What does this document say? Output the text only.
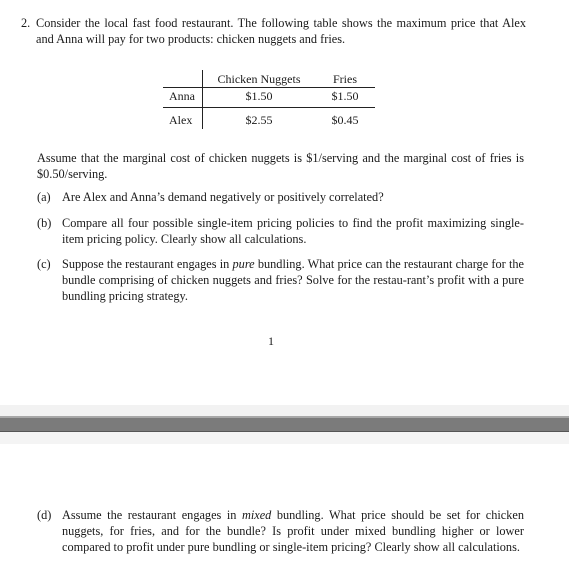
2. Consider the local fast food restaurant. The following table shows the maximum price that Alex and Anna will pay for two products: chicken nuggets and fries.
	Chicken Nuggets	Fries
Anna	$1.50	$1.50
Alex	$2.55	$0.45
Assume that the marginal cost of chicken nuggets is $1/serving and the marginal cost of fries is $0.50/serving.
(a) Are Alex and Anna’s demand negatively or positively correlated?
(b) Compare all four possible single-item pricing policies to find the profit maximizing single-item pricing policy. Clearly show all calculations.
(c) Suppose the restaurant engages in pure bundling. What price can the restaurant charge for the bundle comprising of chicken nuggets and fries? Solve for the restau-rant’s profit with a pure bundling pricing strategy.
1
(d) Assume the restaurant engages in mixed bundling. What price should be set for chicken nuggets, for fries, and for the bundle? Is profit under mixed bundling higher or lower compared to profit under pure bundling or single-item pricing? Clearly show all calculations.
